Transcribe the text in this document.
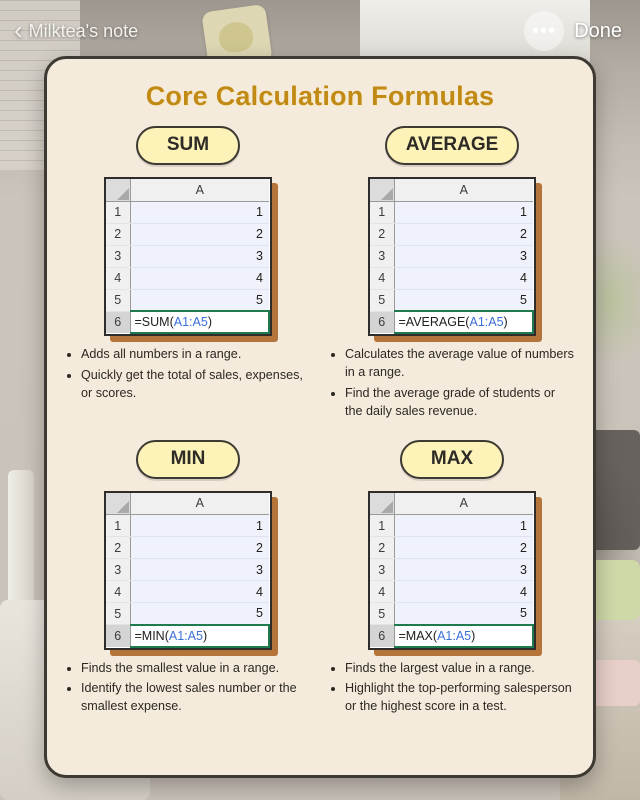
‹ Milktea's note	••• Done
Core Calculation Formulas
SUM
	A
1	1
2	2
3	3
4	4
5	5
6	=SUM(A1:A5)
• Adds all numbers in a range.
• Quickly get the total of sales, expenses, or scores.
AVERAGE
	A
1	1
2	2
3	3
4	4
5	5
6	=AVERAGE(A1:A5)
• Calculates the average value of numbers in a range.
• Find the average grade of students or the daily sales revenue.
MIN
	A
1	1
2	2
3	3
4	4
5	5
6	=MIN(A1:A5)
• Finds the smallest value in a range.
• Identify the lowest sales number or the smallest expense.
MAX
	A
1	1
2	2
3	3
4	4
5	5
6	=MAX(A1:A5)
• Finds the largest value in a range.
• Highlight the top-performing salesperson or the highest score in a test.
